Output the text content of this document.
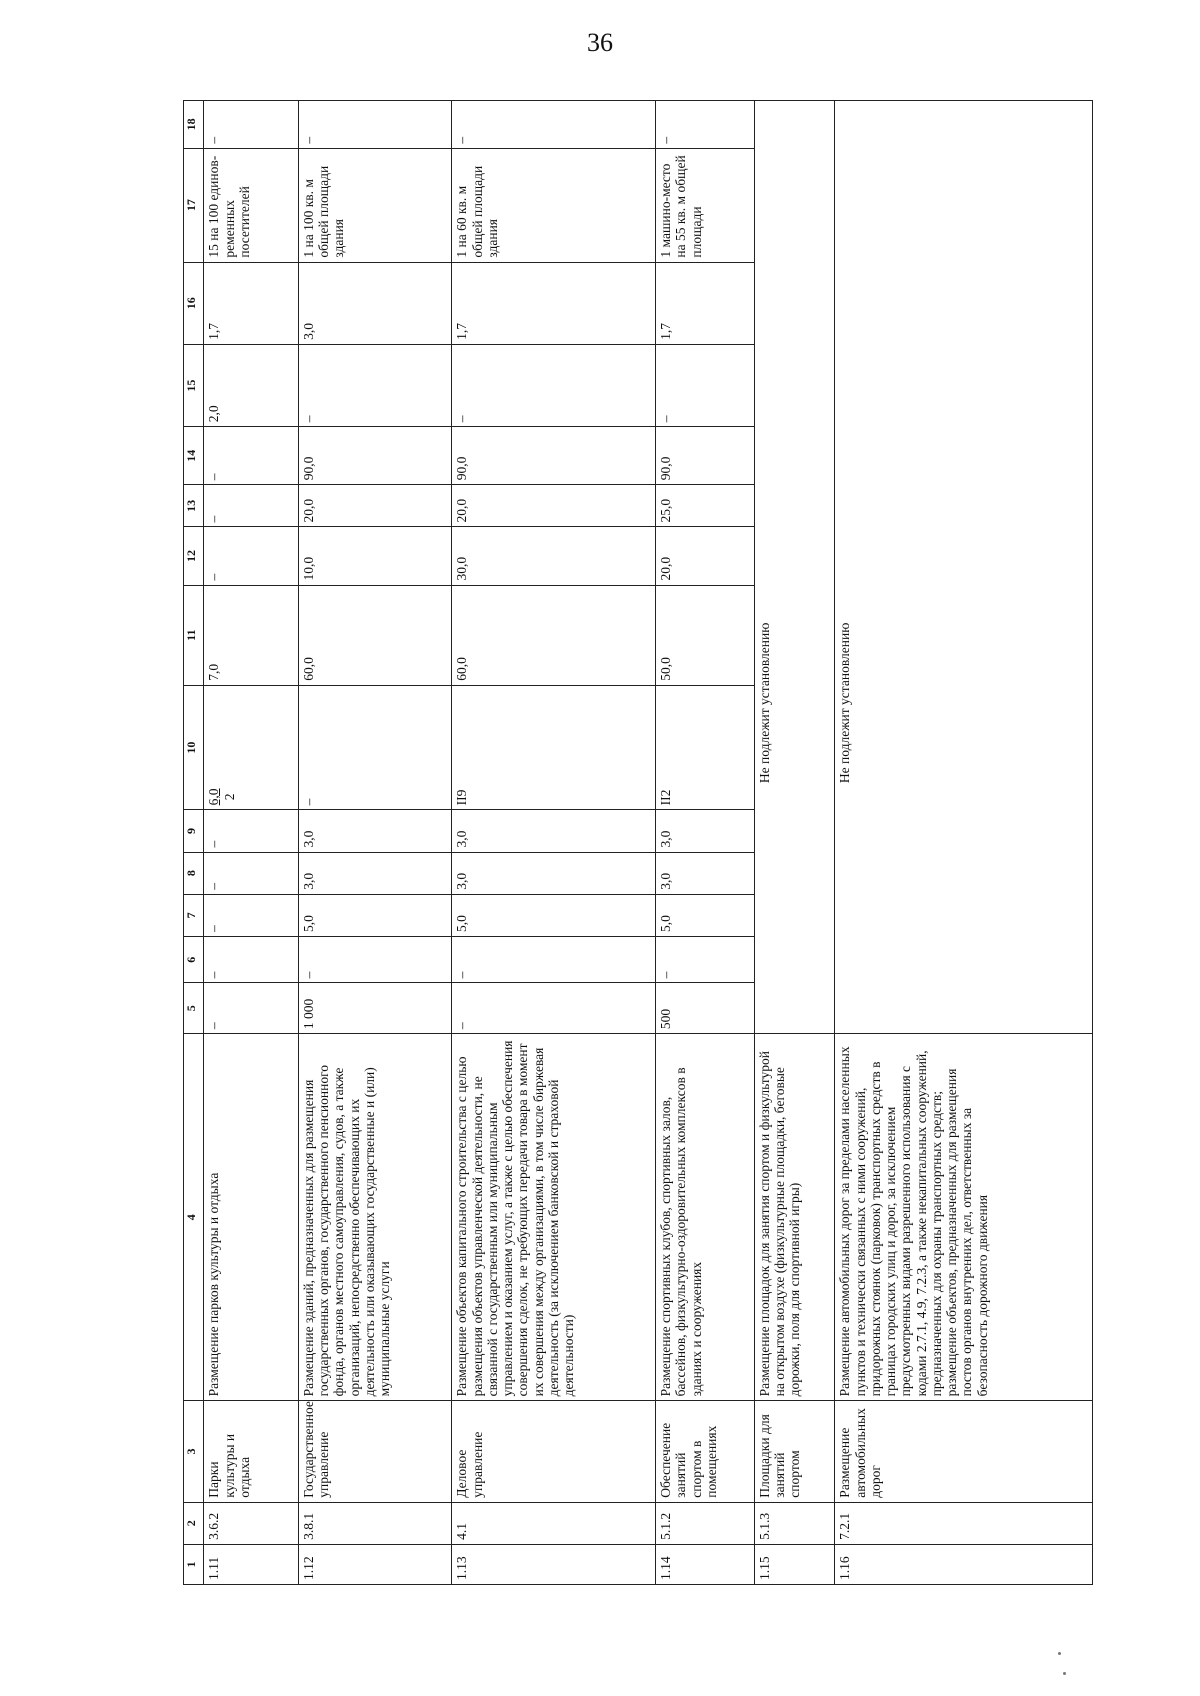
36
1	2	3	4	5	6	7	8	9	10	11	12	13	14	15	16	17	18
1.11	3.6.2	Парки культуры и отдыха	Размещение парков культуры и отдыха	–	–	–	–	–	6,0 2	7,0	–	–	–	2,0	1,7	15 на 100 единов-ременных посетителей	–
1.12	3.8.1	Государственное управление	Размещение зданий, предназначенных для размещения государственных органов, государственного пенсионного фонда, органов местного самоуправления, судов, а также организаций, непосредственно обеспечивающих их деятельность или оказывающих государственные и (или) муниципальные услуги	1 000	–	5,0	3,0	3,0	–	60,0	10,0	20,0	90,0	–	3,0	1 на 100 кв. м общей площади здания	–
1.13	4.1	Деловое управление	Размещение объектов капитального строительства с целью размещения объектов управленческой деятельности, не связанной с государственным или муниципальным управлением и оказанием услуг, а также с целью обеспечения совершения сделок, не требующих передачи товара в момент их совершения между организациями, в том числе биржевая деятельность (за исключением банковской и страховой деятельности)	–	–	5,0	3,0	3,0	II9	60,0	30,0	20,0	90,0	–	1,7	1 на 60 кв. м общей площади здания	–
1.14	5.1.2	Обеспечение занятий спортом в помещениях	Размещение спортивных клубов, спортивных залов, бассейнов, физкультурно-оздоровительных комплексов в зданиях и сооружениях	500	–	5,0	3,0	3,0	II2	50,0	20,0	25,0	90,0	–	1,7	1 машино-место на 55 кв. м общей площади	–
1.15	5.1.3	Площадки для занятий спортом	Размещение площадок для занятия спортом и физкультурой на открытом воздухе (физкультурные площадки, беговые дорожки, поля для спортивной игры)	Не подлежит установлению													
1.16	7.2.1	Размещение автомобильных дорог	Размещение автомобильных дорог за пределами населенных пунктов и технически связанных с ними сооружений, придорожных стоянок (парковок) транспортных средств в границах городских улиц и дорог, за исключением предусмотренных видами разрешенного использования с кодами 2.7.1, 4.9, 7.2.3, а также некапитальных сооружений, предназначенных для охраны транспортных средств; размещение объектов, предназначенных для размещения постов органов внутренних дел, ответственных за безопасность дорожного движения	Не подлежит установлению													
